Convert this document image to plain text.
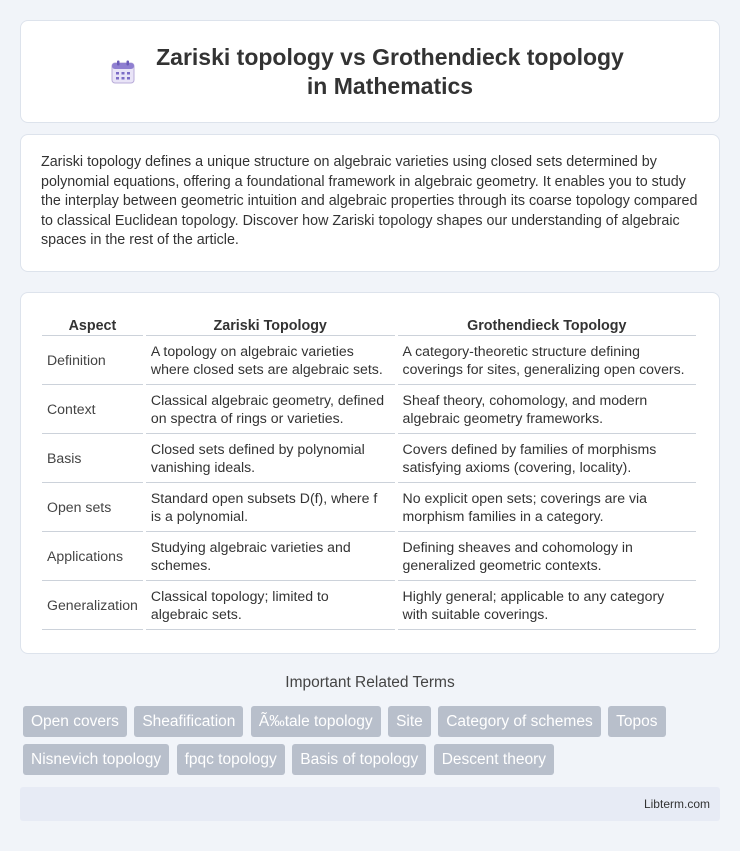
Zariski topology vs Grothendieck topology in Mathematics

Zariski topology defines a unique structure on algebraic varieties using closed sets determined by polynomial equations, offering a foundational framework in algebraic geometry. It enables you to study the interplay between geometric intuition and algebraic properties through its coarse topology compared to classical Euclidean topology. Discover how Zariski topology shapes our understanding of algebraic spaces in the rest of the article.

Aspect	Zariski Topology	Grothendieck Topology
Definition	A topology on algebraic varieties where closed sets are algebraic sets.	A category-theoretic structure defining coverings for sites, generalizing open covers.
Context	Classical algebraic geometry, defined on spectra of rings or varieties.	Sheaf theory, cohomology, and modern algebraic geometry frameworks.
Basis	Closed sets defined by polynomial vanishing ideals.	Covers defined by families of morphisms satisfying axioms (covering, locality).
Open sets	Standard open subsets D(f), where f is a polynomial.	No explicit open sets; coverings are via morphism families in a category.
Applications	Studying algebraic varieties and schemes.	Defining sheaves and cohomology in generalized geometric contexts.
Generalization	Classical topology; limited to algebraic sets.	Highly general; applicable to any category with suitable coverings.
Important Related Terms
Open covers Sheafification Ã‰tale topology Site Category of schemes Topos
Nisnevich topology fpqc topology Basis of topology Descent theory
Libterm.com
